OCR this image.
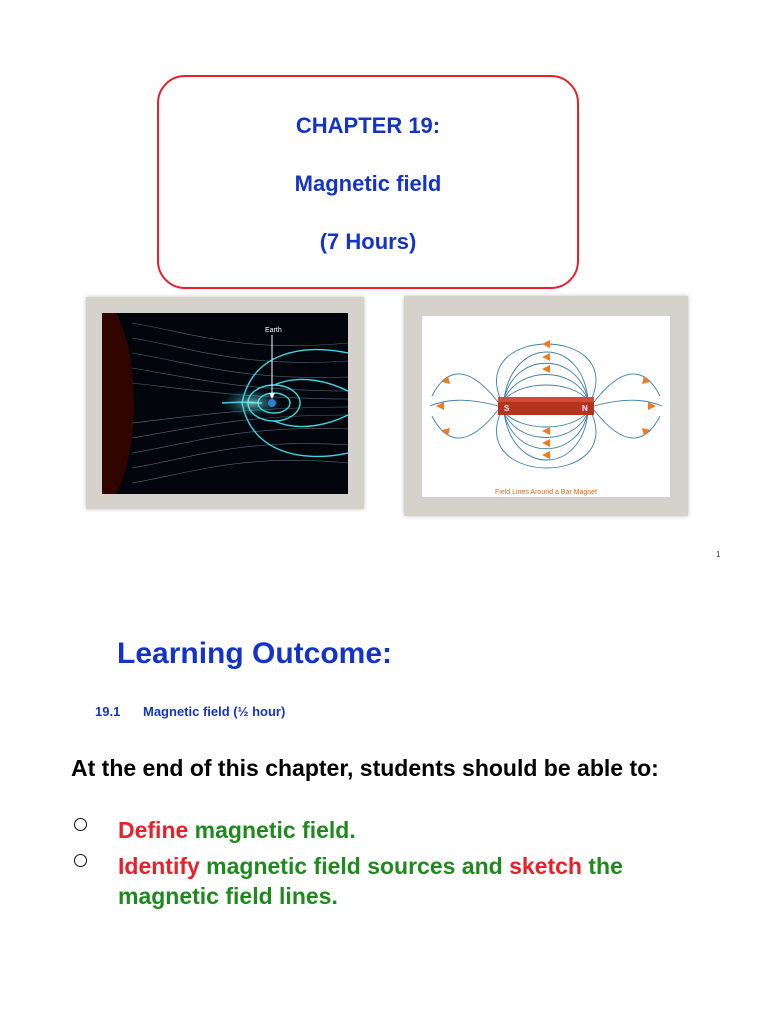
CHAPTER 19:
Magnetic field
(7 Hours)
Earth
S	N
Field Lines Around a Bar Magnet
1
Learning Outcome:
19.1 Magnetic field (½ hour)
At the end of this chapter, students should be able to:
Define magnetic field.
Identify magnetic field sources and sketch the magnetic field lines.
